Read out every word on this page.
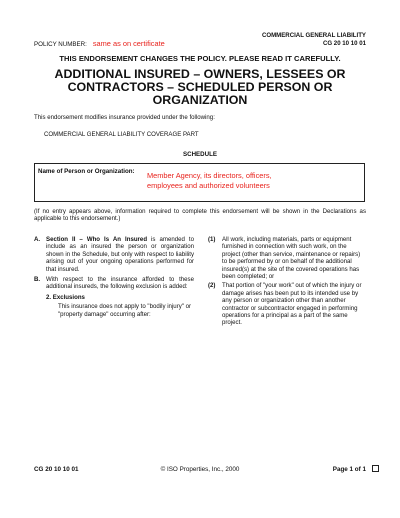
POLICY NUMBER: same as on certificate
COMMERCIAL GENERAL LIABILITY
CG 20 10 10 01
THIS ENDORSEMENT CHANGES THE POLICY. PLEASE READ IT CAREFULLY.
ADDITIONAL INSURED – OWNERS, LESSEES OR CONTRACTORS – SCHEDULED PERSON OR ORGANIZATION
This endorsement modifies insurance provided under the following:
COMMERCIAL GENERAL LIABILITY COVERAGE PART
SCHEDULE
Name of Person or Organization: Member Agency, its directors, officers,
employees and authorized volunteers
(If no entry appears above, information required to complete this endorsement will be shown in the Declarations as applicable to this endorsement.)
A. Section II – Who Is An Insured is amended to include as an insured the person or organization shown in the Schedule, but only with respect to liability arising out of your ongoing operations performed for that insured.
B. With respect to the insurance afforded to these additional insureds, the following exclusion is added:
2. Exclusions
This insurance does not apply to "bodily injury" or "property damage" occurring after:
(1) All work, including materials, parts or equipment furnished in connection with such work, on the project (other than service, maintenance or repairs) to be performed by or on behalf of the additional insured(s) at the site of the covered operations has been completed; or
(2) That portion of "your work" out of which the injury or damage arises has been put to its intended use by any person or organization other than another contractor or subcontractor engaged in performing operations for a principal as a part of the same project.
CG 20 10 10 01	© ISO Properties, Inc., 2000	Page 1 of 1
